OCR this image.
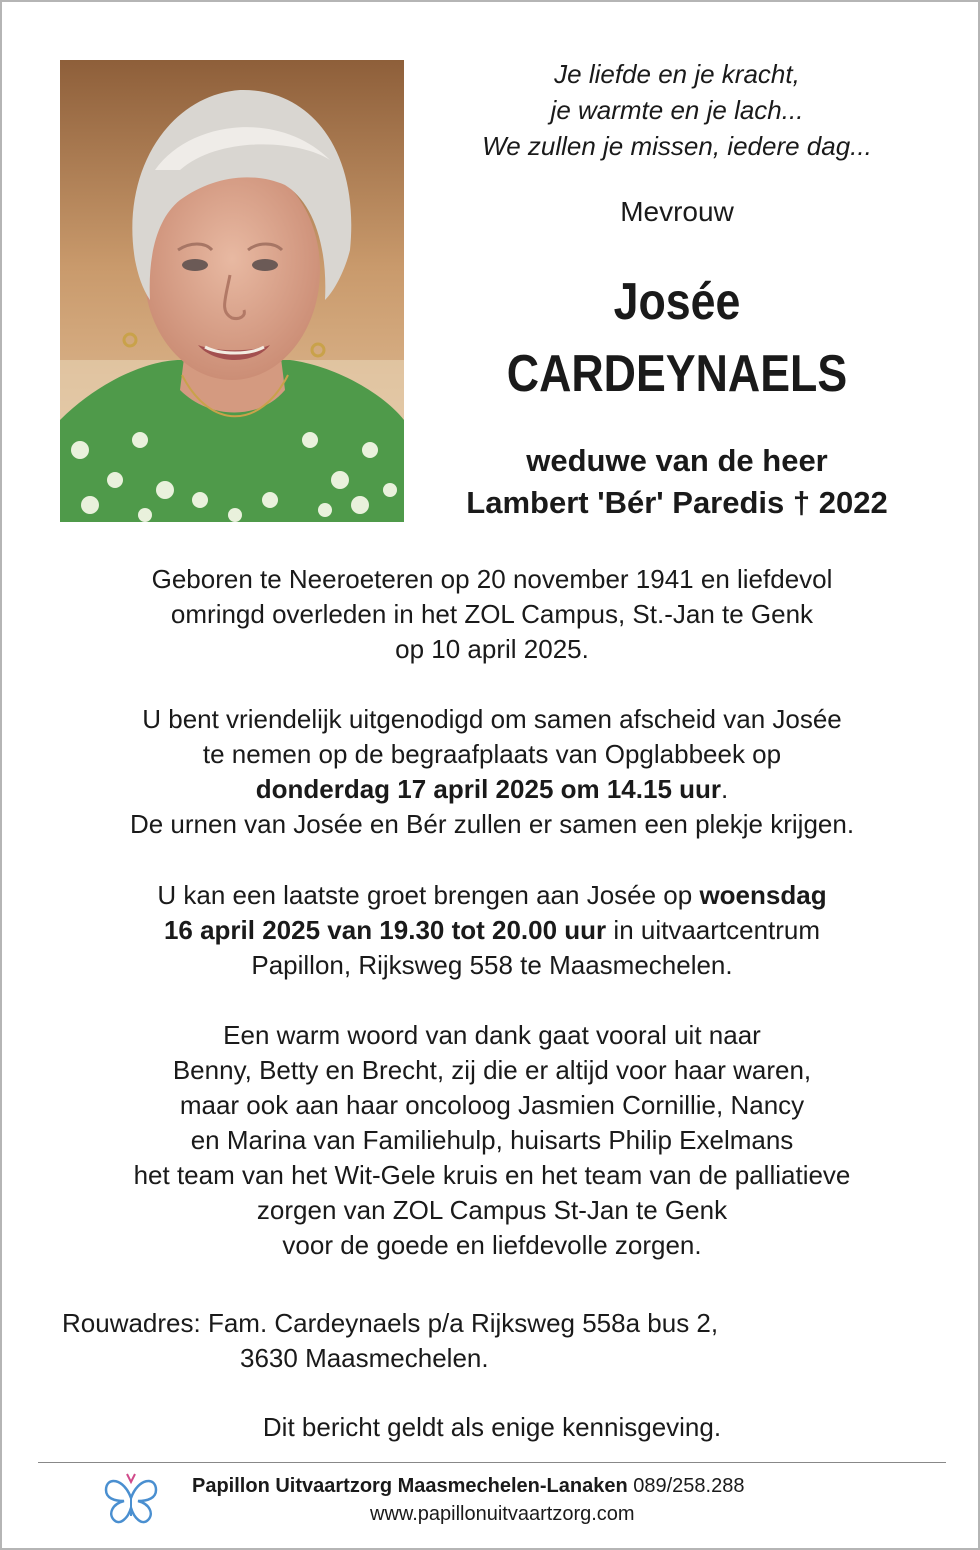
Je liefde en je kracht,
je warmte en je lach...
We zullen je missen, iedere dag...
Mevrouw
Josée
CARDEYNAELS
weduwe van de heer
Lambert 'Bér' Paredis † 2022
Geboren te Neeroeteren op 20 november 1941 en liefdevol
omringd overleden in het ZOL Campus, St.-Jan te Genk
op 10 april 2025.
U bent vriendelijk uitgenodigd om samen afscheid van Josée
te nemen op de begraafplaats van Opglabbeek op
donderdag 17 april 2025 om 14.15 uur.
De urnen van Josée en Bér zullen er samen een plekje krijgen.
U kan een laatste groet brengen aan Josée op woensdag
16 april 2025 van 19.30 tot 20.00 uur in uitvaartcentrum
Papillon, Rijksweg 558 te Maasmechelen.
Een warm woord van dank gaat vooral uit naar
Benny, Betty en Brecht, zij die er altijd voor haar waren,
maar ook aan haar oncoloog Jasmien Cornillie, Nancy
en Marina van Familiehulp, huisarts Philip Exelmans
het team van het Wit-Gele kruis en het team van de palliatieve
zorgen van ZOL Campus St-Jan te Genk
voor de goede en liefdevolle zorgen.
Rouwadres: Fam. Cardeynaels p/a Rijksweg 558a bus 2,
3630 Maasmechelen.
Dit bericht geldt als enige kennisgeving.
Papillon Uitvaartzorg Maasmechelen-Lanaken 089/258.288
www.papillonuitvaartzorg.com
